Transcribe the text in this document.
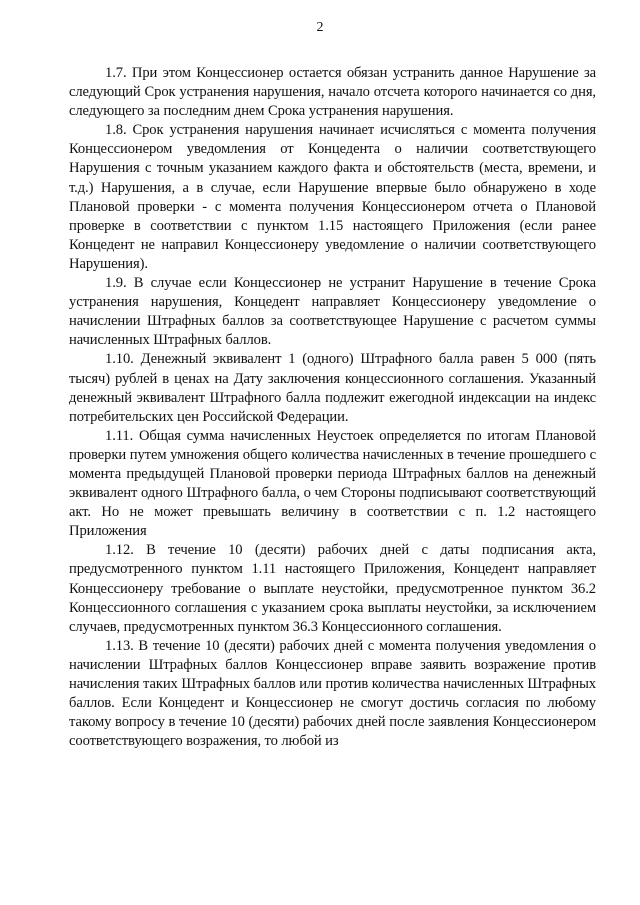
2

1.7. При этом Концессионер остается обязан устранить данное Нарушение за следующий Срок устранения нарушения, начало отсчета которого начинается со дня, следующего за последним днем Срока устранения нарушения.

1.8. Срок устранения нарушения начинает исчисляться с момента получения Концессионером уведомления от Концедента о наличии соответствующего Нарушения с точным указанием каждого факта и обстоятельств (места, времени, и т.д.) Нарушения, а в случае, если Нарушение впервые было обнаружено в ходе Плановой проверки - с момента получения Концессионером отчета о Плановой проверке в соответствии с пунктом 1.15 настоящего Приложения (если ранее Концедент не направил Концессионеру уведомление о наличии соответствующего Нарушения).

1.9. В случае если Концессионер не устранит Нарушение в течение Срока устранения нарушения, Концедент направляет Концессионеру уведомление о начислении Штрафных баллов за соответствующее Нарушение с расчетом суммы начисленных Штрафных баллов.

1.10. Денежный эквивалент 1 (одного) Штрафного балла равен 5 000 (пять тысяч) рублей в ценах на Дату заключения концессионного соглашения. Указанный денежный эквивалент Штрафного балла подлежит ежегодной индексации на индекс потребительских цен Российской Федерации.

1.11. Общая сумма начисленных Неустоек определяется по итогам Плановой проверки путем умножения общего количества начисленных в течение прошедшего с момента предыдущей Плановой проверки периода Штрафных баллов на денежный эквивалент одного Штрафного балла, о чем Стороны подписывают соответствующий акт. Но не может превышать величину в соответствии с п. 1.2 настоящего Приложения

1.12. В течение 10 (десяти) рабочих дней с даты подписания акта, предусмотренного пунктом 1.11 настоящего Приложения, Концедент направляет Концессионеру требование о выплате неустойки, предусмотренное пунктом 36.2 Концессионного соглашения с указанием срока выплаты неустойки, за исключением случаев, предусмотренных пунктом 36.3 Концессионного соглашения.

1.13. В течение 10 (десяти) рабочих дней с момента получения уведомления о начислении Штрафных баллов Концессионер вправе заявить возражение против начисления таких Штрафных баллов или против количества начисленных Штрафных баллов. Если Концедент и Концессионер не смогут достичь согласия по любому такому вопросу в течение 10 (десяти) рабочих дней после заявления Концессионером соответствующего возражения, то любой из
